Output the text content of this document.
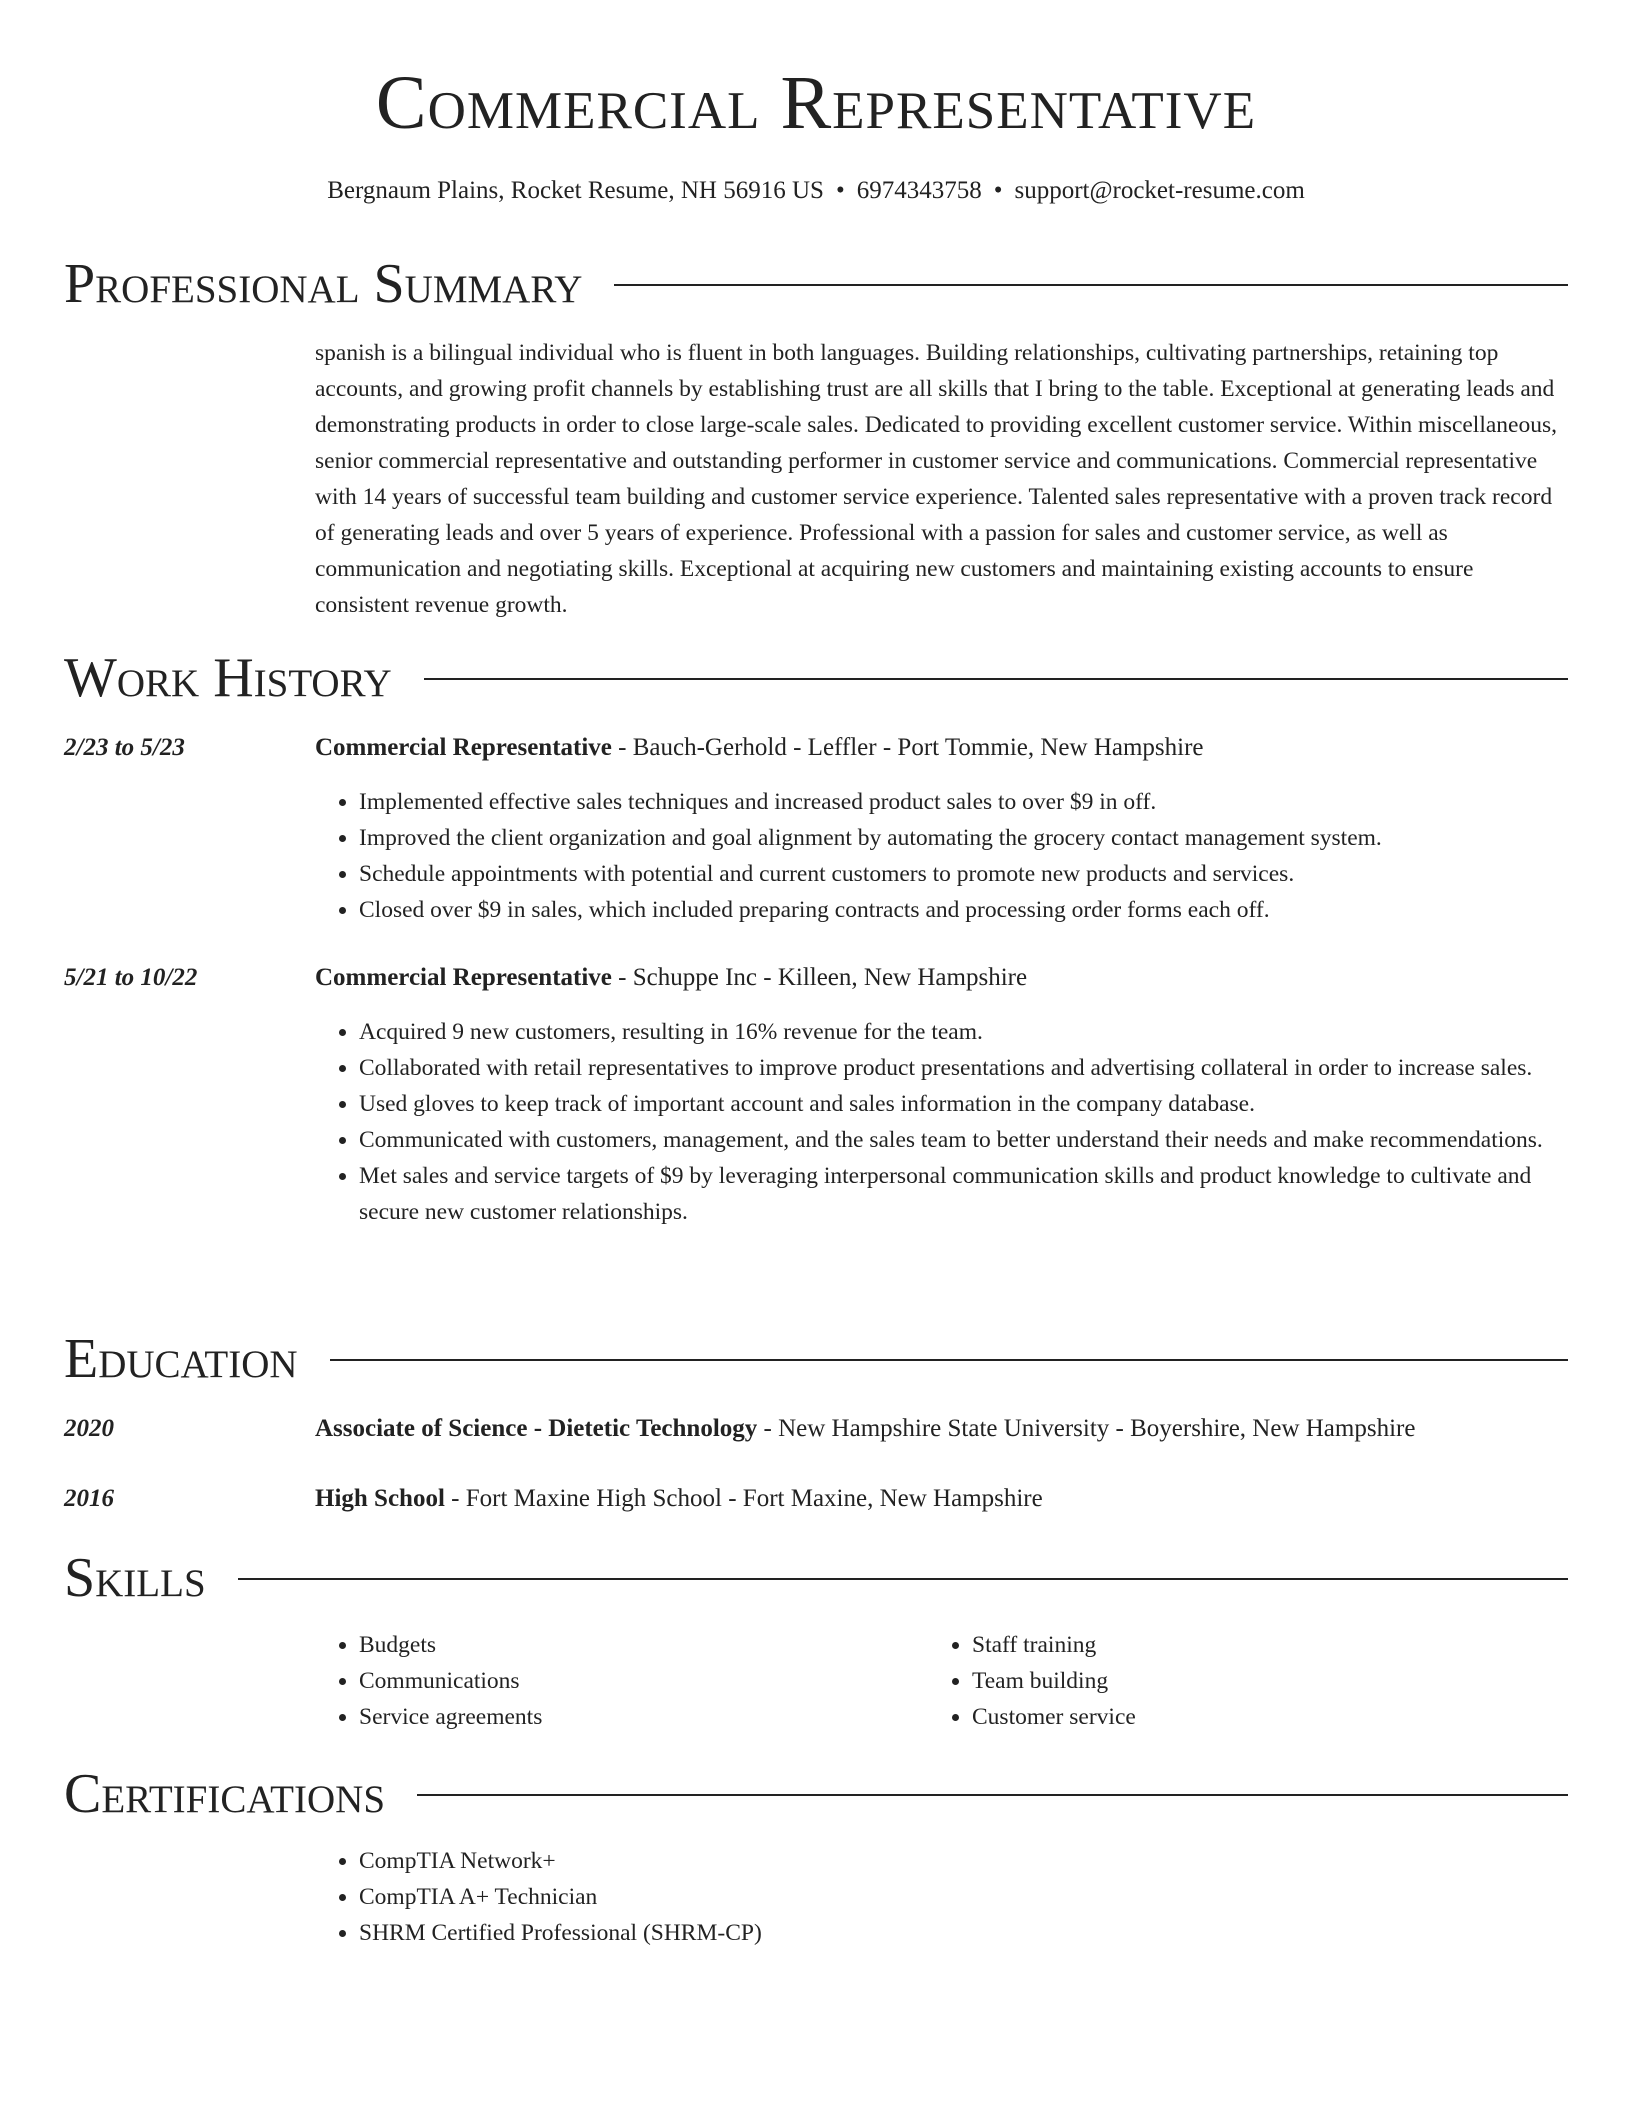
Commercial Representative
Bergnaum Plains, Rocket Resume, NH 56916 US • 6974343758 • support@rocket-resume.com
Professional Summary
spanish is a bilingual individual who is fluent in both languages. Building relationships, cultivating partnerships, retaining top accounts, and growing profit channels by establishing trust are all skills that I bring to the table. Exceptional at generating leads and demonstrating products in order to close large-scale sales. Dedicated to providing excellent customer service. Within miscellaneous, senior commercial representative and outstanding performer in customer service and communications. Commercial representative with 14 years of successful team building and customer service experience. Talented sales representative with a proven track record of generating leads and over 5 years of experience. Professional with a passion for sales and customer service, as well as communication and negotiating skills. Exceptional at acquiring new customers and maintaining existing accounts to ensure consistent revenue growth.
Work History
2/23 to 5/23	Commercial Representative - Bauch-Gerhold - Leffler - Port Tommie, New Hampshire
• Implemented effective sales techniques and increased product sales to over $9 in off.
• Improved the client organization and goal alignment by automating the grocery contact management system.
• Schedule appointments with potential and current customers to promote new products and services.
• Closed over $9 in sales, which included preparing contracts and processing order forms each off.
5/21 to 10/22	Commercial Representative - Schuppe Inc - Killeen, New Hampshire
• Acquired 9 new customers, resulting in 16% revenue for the team.
• Collaborated with retail representatives to improve product presentations and advertising collateral in order to increase sales.
• Used gloves to keep track of important account and sales information in the company database.
• Communicated with customers, management, and the sales team to better understand their needs and make recommendations.
• Met sales and service targets of $9 by leveraging interpersonal communication skills and product knowledge to cultivate and secure new customer relationships.
Education
2020	Associate of Science - Dietetic Technology - New Hampshire State University - Boyershire, New Hampshire
2016	High School - Fort Maxine High School - Fort Maxine, New Hampshire
Skills
• Budgets
• Communications
• Service agreements
• Staff training
• Team building
• Customer service
Certifications
• CompTIA Network+
• CompTIA A+ Technician
• SHRM Certified Professional (SHRM-CP)
